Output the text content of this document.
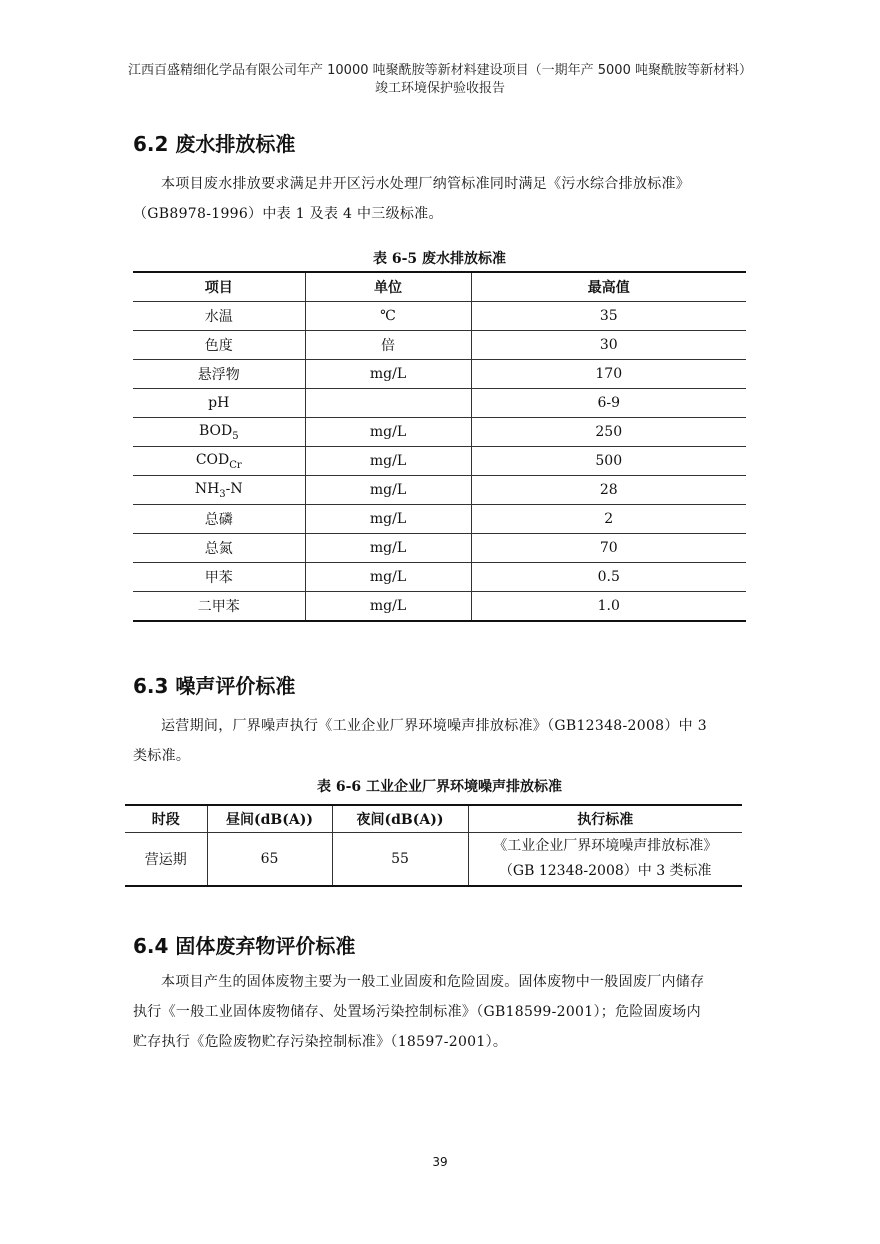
江西百盛精细化学品有限公司年产 10000 吨聚酰胺等新材料建设项目（一期年产 5000 吨聚酰胺等新材料）
竣工环境保护验收报告
6.2 废水排放标准
本项目废水排放要求满足井开区污水处理厂纳管标准同时满足《污水综合排放标准》
（GB8978-1996）中表 1 及表 4 中三级标准。
表 6-5 废水排放标准
项目	单位	最高值
水温	℃	35
色度	倍	30
悬浮物	mg/L	170
pH		6-9
$BOD_5$	mg/L	250
$COD_{Cr}$	mg/L	500
$NH_3-N$	mg/L	28
总磷	mg/L	2
总氮	mg/L	70
甲苯	mg/L	0.5
二甲苯	mg/L	1.0
6.3 噪声评价标准
运营期间，厂界噪声执行《工业企业厂界环境噪声排放标准》（GB12348-2008）中 3
类标准。
表 6-6 工业企业厂界环境噪声排放标准
时段	昼间(dB(A))	夜间(dB(A))	执行标准
营运期	65	55	《工业企业厂界环境噪声排放标准》
（GB 12348-2008）中 3 类标准
6.4 固体废弃物评价标准
本项目产生的固体废物主要为一般工业固废和危险固废。固体废物中一般固废厂内储存
执行《一般工业固体废物储存、处置场污染控制标准》（GB18599-2001）；危险固废场内
贮存执行《危险废物贮存污染控制标准》（18597-2001）。
39
